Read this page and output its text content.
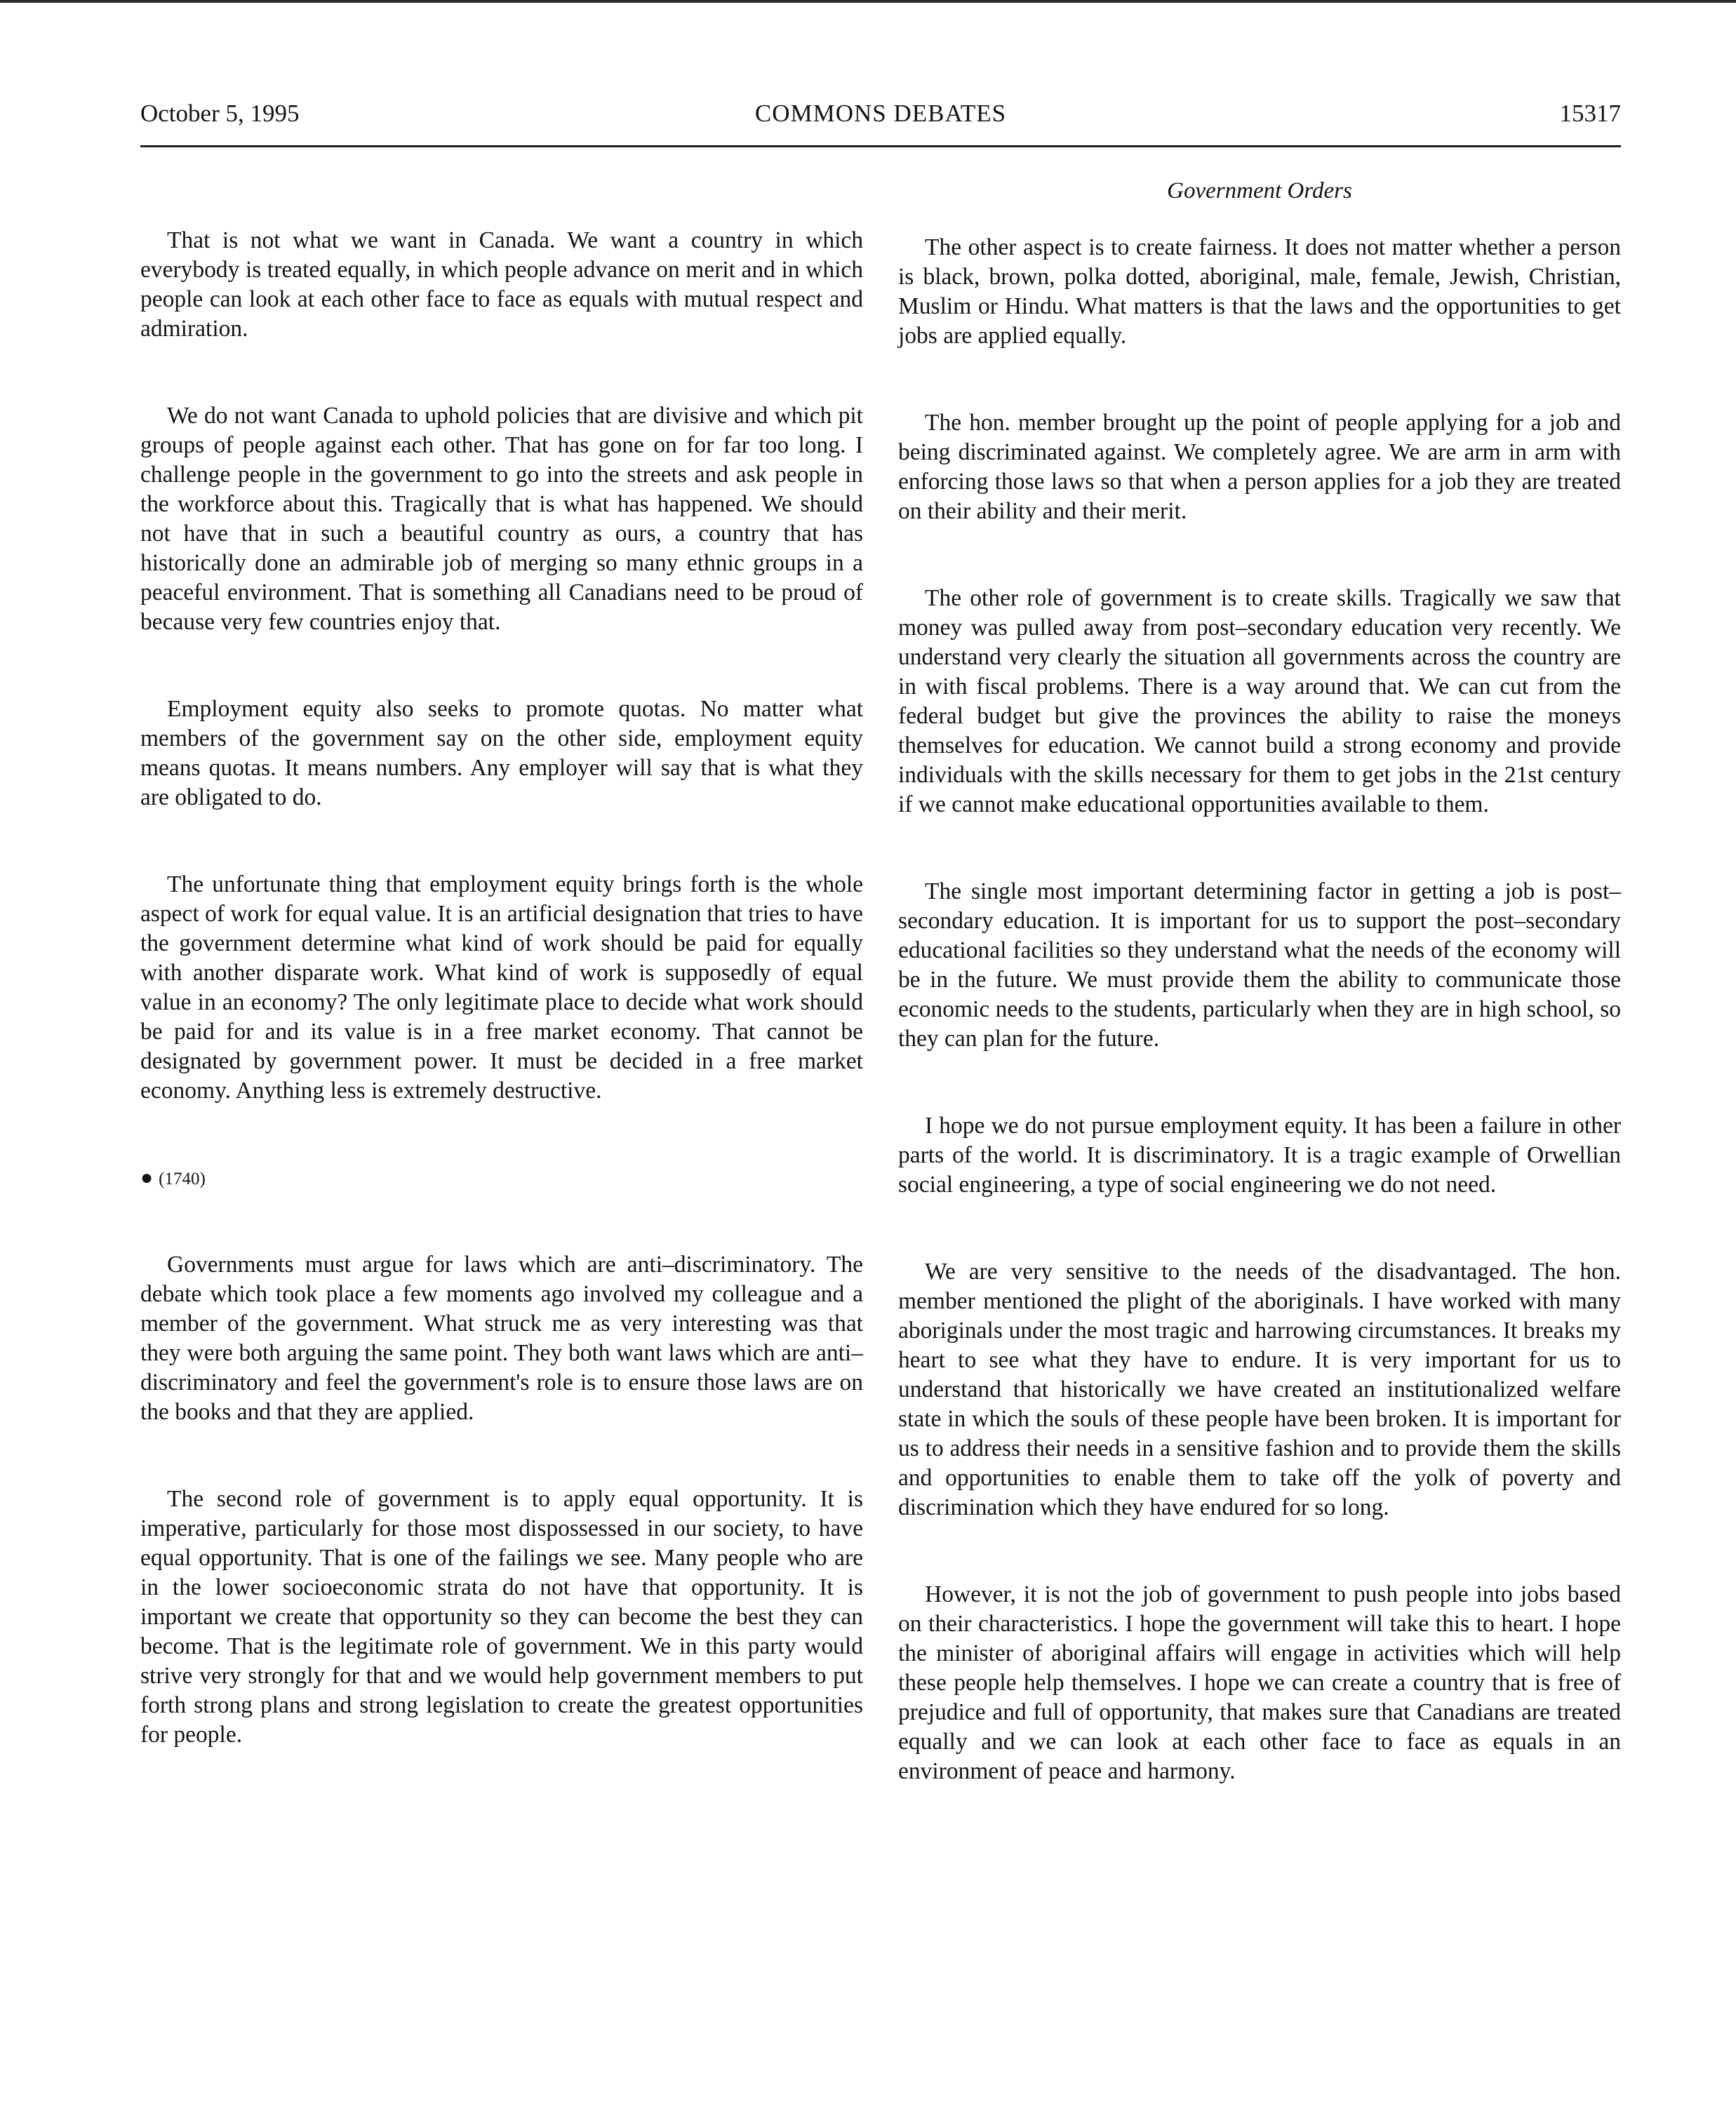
October 5, 1995	COMMONS DEBATES	15317
Government Orders

That is not what we want in Canada. We want a country in which everybody is treated equally, in which people advance on merit and in which people can look at each other face to face as equals with mutual respect and admiration.

We do not want Canada to uphold policies that are divisive and which pit groups of people against each other. That has gone on for far too long. I challenge people in the government to go into the streets and ask people in the workforce about this. Tragically that is what has happened. We should not have that in such a beautiful country as ours, a country that has historically done an admirable job of merging so many ethnic groups in a peaceful environment. That is something all Canadians need to be proud of because very few countries enjoy that.

Employment equity also seeks to promote quotas. No matter what members of the government say on the other side, employment equity means quotas. It means numbers. Any employer will say that is what they are obligated to do.

The unfortunate thing that employment equity brings forth is the whole aspect of work for equal value. It is an artificial designation that tries to have the government determine what kind of work should be paid for equally with another disparate work. What kind of work is supposedly of equal value in an economy? The only legitimate place to decide what work should be paid for and its value is in a free market economy. That cannot be designated by government power. It must be decided in a free market economy. Anything less is extremely destructive.

● (1740)

Governments must argue for laws which are anti–discriminatory. The debate which took place a few moments ago involved my colleague and a member of the government. What struck me as very interesting was that they were both arguing the same point. They both want laws which are anti–discriminatory and feel the government's role is to ensure those laws are on the books and that they are applied.

The second role of government is to apply equal opportunity. It is imperative, particularly for those most dispossessed in our society, to have equal opportunity. That is one of the failings we see. Many people who are in the lower socioeconomic strata do not have that opportunity. It is important we create that opportunity so they can become the best they can become. That is the legitimate role of government. We in this party would strive very strongly for that and we would help government members to put forth strong plans and strong legislation to create the greatest opportunities for people.

The other aspect is to create fairness. It does not matter whether a person is black, brown, polka dotted, aboriginal, male, female, Jewish, Christian, Muslim or Hindu. What matters is that the laws and the opportunities to get jobs are applied equally.

The hon. member brought up the point of people applying for a job and being discriminated against. We completely agree. We are arm in arm with enforcing those laws so that when a person applies for a job they are treated on their ability and their merit.

The other role of government is to create skills. Tragically we saw that money was pulled away from post–secondary education very recently. We understand very clearly the situation all governments across the country are in with fiscal problems. There is a way around that. We can cut from the federal budget but give the provinces the ability to raise the moneys themselves for education. We cannot build a strong economy and provide individuals with the skills necessary for them to get jobs in the 21st century if we cannot make educational opportunities available to them.

The single most important determining factor in getting a job is post–secondary education. It is important for us to support the post–secondary educational facilities so they understand what the needs of the economy will be in the future. We must provide them the ability to communicate those economic needs to the students, particularly when they are in high school, so they can plan for the future.

I hope we do not pursue employment equity. It has been a failure in other parts of the world. It is discriminatory. It is a tragic example of Orwellian social engineering, a type of social engineering we do not need.

We are very sensitive to the needs of the disadvantaged. The hon. member mentioned the plight of the aboriginals. I have worked with many aboriginals under the most tragic and harrowing circumstances. It breaks my heart to see what they have to endure. It is very important for us to understand that historically we have created an institutionalized welfare state in which the souls of these people have been broken. It is important for us to address their needs in a sensitive fashion and to provide them the skills and opportunities to enable them to take off the yolk of poverty and discrimination which they have endured for so long.

However, it is not the job of government to push people into jobs based on their characteristics. I hope the government will take this to heart. I hope the minister of aboriginal affairs will engage in activities which will help these people help themselves. I hope we can create a country that is free of prejudice and full of opportunity, that makes sure that Canadians are treated equally and we can look at each other face to face as equals in an environment of peace and harmony.
